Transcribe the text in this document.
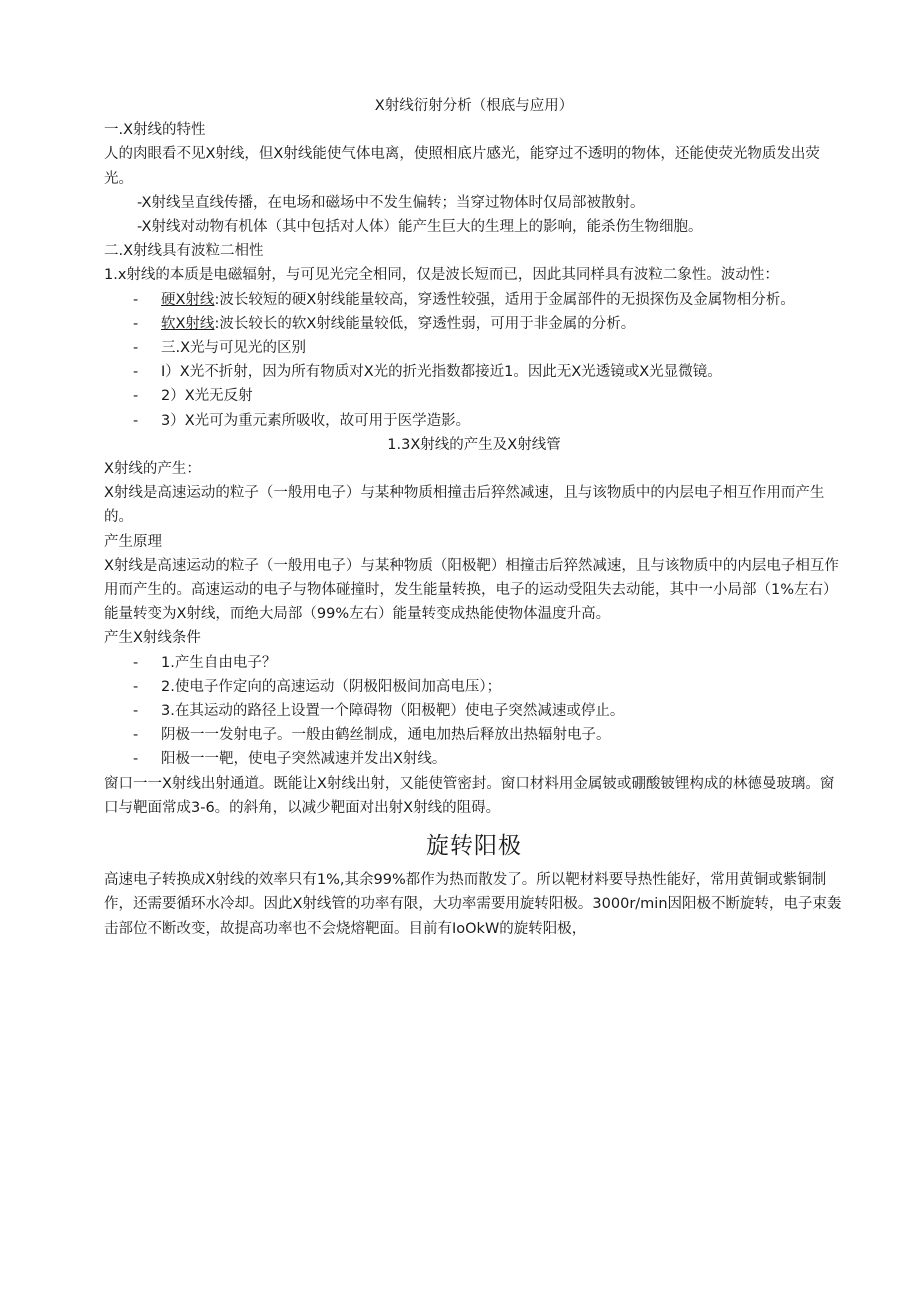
X射线衍射分析（根底与应用）
一.X射线的特性
人的肉眼看不见X射线，但X射线能使气体电离，使照相底片感光，能穿过不透明的物体，还能使荧光物质发出荧光。
-X射线呈直线传播，在电场和磁场中不发生偏转；当穿过物体时仅局部被散射。
-X射线对动物有机体（其中包括对人体）能产生巨大的生理上的影响，能杀伤生物细胞。
二.X射线具有波粒二相性
1.x射线的本质是电磁辐射，与可见光完全相同，仅是波长短而已，因此其同样具有波粒二象性。波动性：
- 硬X射线:波长较短的硬X射线能量较高，穿透性较强，适用于金属部件的无损探伤及金属物相分析。
- 软X射线:波长较长的软X射线能量较低，穿透性弱，可用于非金属的分析。
- 三.X光与可见光的区别
- I）X光不折射，因为所有物质对X光的折光指数都接近1。因此无X光透镜或X光显微镜。
- 2）X光无反射
- 3）X光可为重元素所吸收，故可用于医学造影。
1.3X射线的产生及X射线管
X射线的产生：
X射线是高速运动的粒子（一般用电子）与某种物质相撞击后猝然减速，且与该物质中的内层电子相互作用而产生的。
产生原理
X射线是高速运动的粒子（一般用电子）与某种物质（阳极靶）相撞击后猝然减速，且与该物质中的内层电子相互作用而产生的。高速运动的电子与物体碰撞时，发生能量转换，电子的运动受阻失去动能，其中一小局部（1%左右）能量转变为X射线，而绝大局部（99%左右）能量转变成热能使物体温度升高。
产生X射线条件
- 1.产生自由电子？
- 2.使电子作定向的高速运动（阴极阳极间加高电压）；
- 3.在其运动的路径上设置一个障碍物（阳极靶）使电子突然减速或停止。
- 阴极一一发射电子。一般由鹤丝制成，通电加热后释放出热辐射电子。
- 阳极一一靶，使电子突然减速并发出X射线。
窗口一一X射线出射通道。既能让X射线出射，又能使管密封。窗口材料用金属铍或硼酸铍锂构成的林德曼玻璃。窗口与靶面常成3-6。的斜角，以减少靶面对出射X射线的阻碍。
旋转阳极
高速电子转换成X射线的效率只有1%,其余99%都作为热而散发了。所以靶材料要导热性能好，常用黄铜或紫铜制作，还需要循环水冷却。因此X射线管的功率有限，大功率需要用旋转阳极。3000r/min因阳极不断旋转，电子束轰击部位不断改变，故提高功率也不会烧熔靶面。目前有IoOkW的旋转阳极，
